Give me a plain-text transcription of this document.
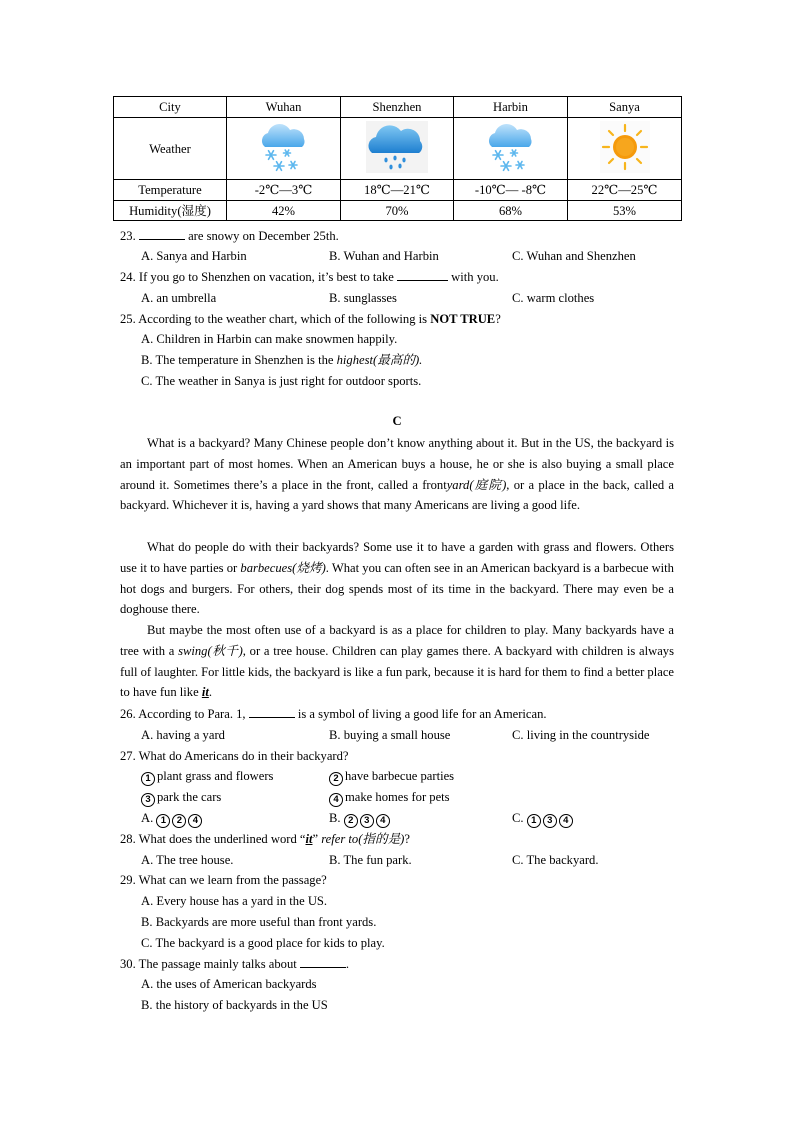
City	Wuhan	Shenzhen	Harbin	Sanya
Weather				
Temperature	-2℃—3℃	18℃—21℃	-10℃— -8℃	22℃—25℃
Humidity(湿度)	42%	70%	68%	53%
23.	are snowy on December 25th.
A. Sanya and Harbin	B. Wuhan and Harbin	C. Wuhan and Shenzhen
24. If you go to Shenzhen on vacation, it’s best to take	with you.
A. an umbrella	B. sunglasses	C. warm clothes
25. According to the weather chart, which of the following is NOT TRUE?
A. Children in Harbin can make snowmen happily.
B. The temperature in Shenzhen is the highest(最高的).
C. The weather in Sanya is just right for outdoor sports.
C
What is a backyard? Many Chinese people don’t know anything about it. But in the US, the backyard is an important part of most homes. When an American buys a house, he or she is also buying a small place around it. Sometimes there’s a place in the front, called a frontyard(庭院), or a place in the back, called a backyard. Whichever it is, having a yard shows that many Americans are living a good life.
What do people do with their backyards? Some use it to have a garden with grass and flowers. Others use it to have parties or barbecues(烧烤). What you can often see in an American backyard is a barbecue with hot dogs and burgers. For others, their dog spends most of its time in the backyard. There may even be a doghouse there.
But maybe the most often use of a backyard is as a place for children to play. Many backyards have a tree with a swing(秋千), or a tree house. Children can play games there. A backyard with children is always full of laughter. For little kids, the backyard is like a fun park, because it is hard for them to find a better place to have fun like it.
26. According to Para. 1,	is a symbol of living a good life for an American.
A. having a yard	B. buying a small house	C. living in the countryside
27. What do Americans do in their backyard?
1 plant grass and flowers	2 have barbecue parties
3 park the cars	4 make homes for pets
A. 1 2 4	B. 2 3 4	C. 1 3 4
28. What does the underlined word “it” refer to(指的是)?
A. The tree house.	B. The fun park.	C. The backyard.
29. What can we learn from the passage?
A. Every house has a yard in the US.
B. Backyards are more useful than front yards.
C. The backyard is a good place for kids to play.
30. The passage mainly talks about	.
A. the uses of American backyards
B. the history of backyards in the US
